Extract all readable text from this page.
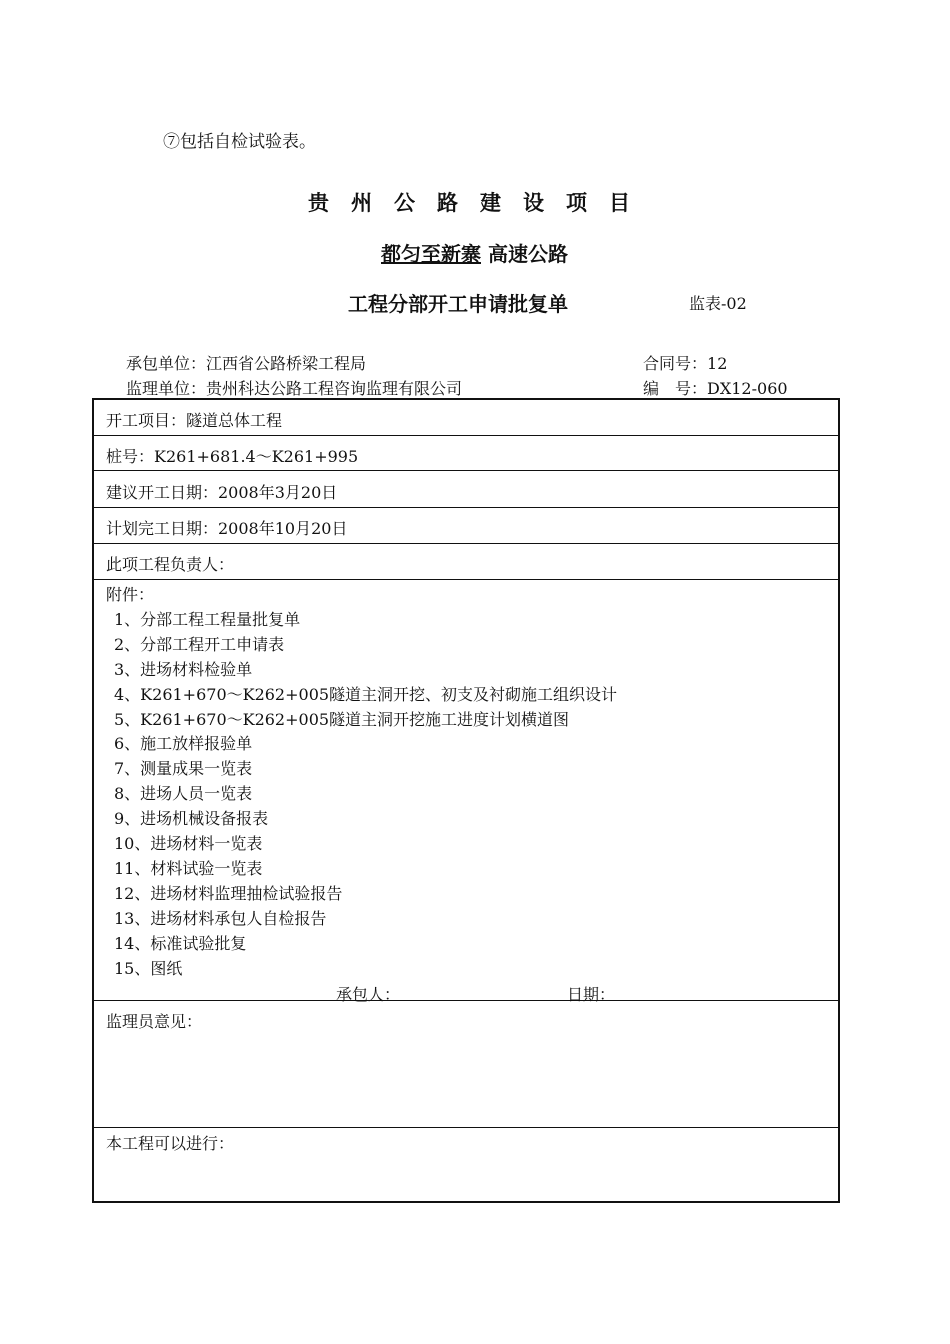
⑦包括自检试验表。
贵州公路建设项目
都匀至新寨 高速公路
工程分部开工申请批复单	监表-02
承包单位：江西省公路桥梁工程局
监理单位：贵州科达公路工程咨询监理有限公司
合同号：12
编号：DX12-060
开工项目：隧道总体工程
桩号：K261+681.4～K261+995
建议开工日期：2008年3月20日
计划完工日期：2008年10月20日
此项工程负责人：
附件：
1、分部工程工程量批复单
2、分部工程开工申请表
3、进场材料检验单
4、K261+670～K262+005隧道主洞开挖、初支及衬砌施工组织设计
5、K261+670～K262+005隧道主洞开挖施工进度计划横道图
6、施工放样报验单
7、测量成果一览表
8、进场人员一览表
9、进场机械设备报表
10、进场材料一览表
11、材料试验一览表
12、进场材料监理抽检试验报告
13、进场材料承包人自检报告
14、标准试验批复
15、图纸
承包人：	日期：
监理员意见：
本工程可以进行：
